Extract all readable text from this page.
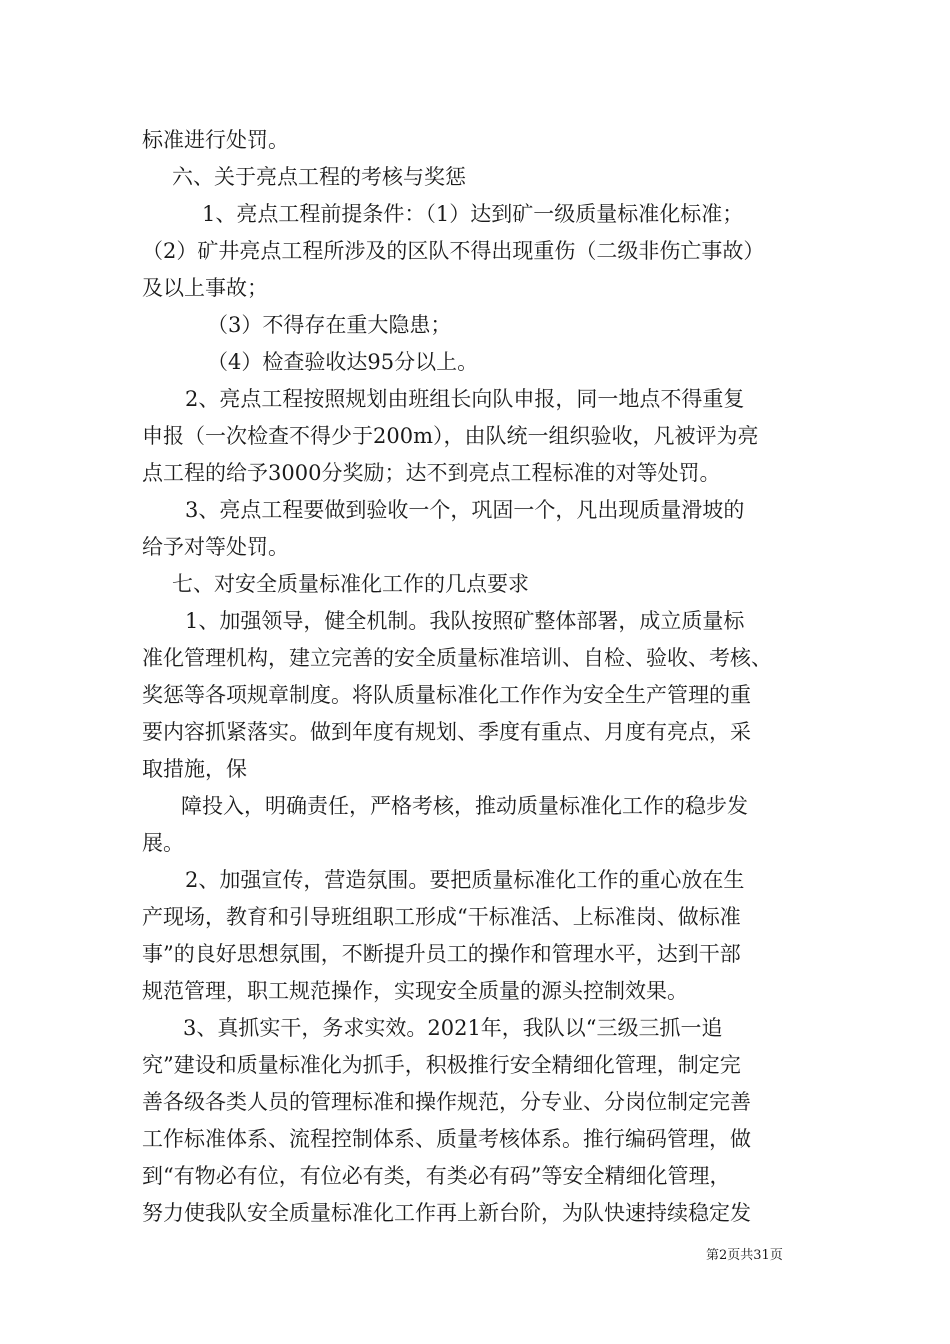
标准进行处罚。
六、关于亮点工程的考核与奖惩
1、亮点工程前提条件：（1）达到矿一级质量标准化标准；
（2）矿井亮点工程所涉及的区队不得出现重伤（二级非伤亡事故）
及以上事故；
（3）不得存在重大隐患；
（4）检查验收达95分以上。
2、亮点工程按照规划由班组长向队申报，同一地点不得重复
申报（一次检查不得少于200m），由队统一组织验收，凡被评为亮
点工程的给予3000分奖励；达不到亮点工程标准的对等处罚。
3、亮点工程要做到验收一个，巩固一个，凡出现质量滑坡的
给予对等处罚。
七、对安全质量标准化工作的几点要求
1、加强领导，健全机制。我队按照矿整体部署，成立质量标
准化管理机构，建立完善的安全质量标准培训、自检、验收、考核、
奖惩等各项规章制度。将队质量标准化工作作为安全生产管理的重
要内容抓紧落实。做到年度有规划、季度有重点、月度有亮点，采
取措施，保
障投入，明确责任，严格考核，推动质量标准化工作的稳步发
展。
2、加强宣传，营造氛围。要把质量标准化工作的重心放在生
产现场，教育和引导班组职工形成“干标准活、上标准岗、做标准
事”的良好思想氛围，不断提升员工的操作和管理水平，达到干部
规范管理，职工规范操作，实现安全质量的源头控制效果。
3、真抓实干，务求实效。2021年，我队以“三级三抓一追
究”建设和质量标准化为抓手，积极推行安全精细化管理，制定完
善各级各类人员的管理标准和操作规范，分专业、分岗位制定完善
工作标准体系、流程控制体系、质量考核体系。推行编码管理，做
到“有物必有位，有位必有类，有类必有码”等安全精细化管理，
努力使我队安全质量标准化工作再上新台阶，为队快速持续稳定发
第2页共31页
